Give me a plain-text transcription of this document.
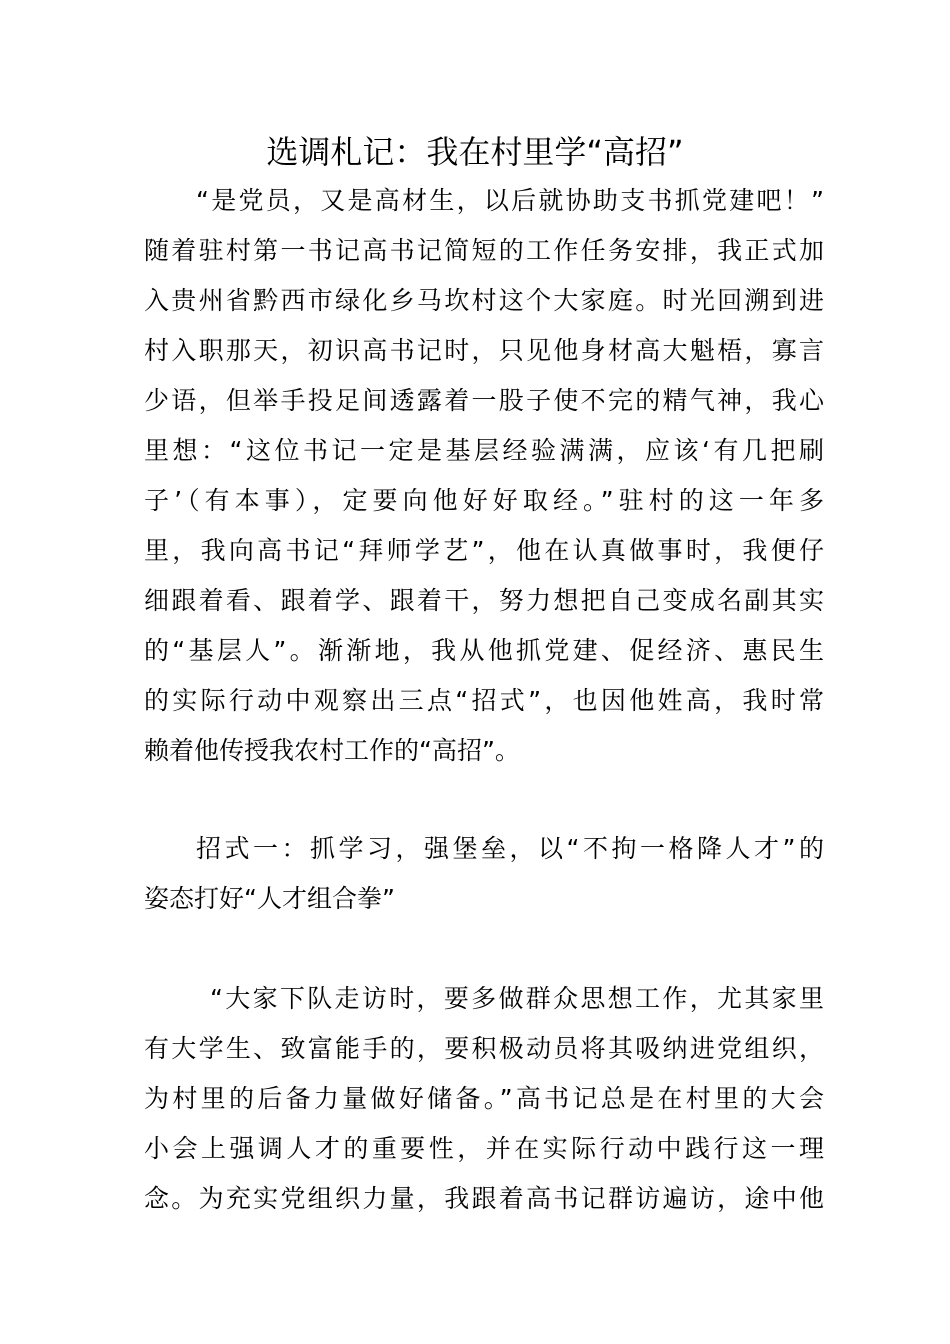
选调札记：我在村里学“高招”
“是党员，又是高材生，以后就协助支书抓党建吧！”
随着驻村第一书记高书记简短的工作任务安排，我正式加
入贵州省黔西市绿化乡马坎村这个大家庭。时光回溯到进
村入职那天，初识高书记时，只见他身材高大魁梧，寡言
少语，但举手投足间透露着一股子使不完的精气神，我心
里想：“这位书记一定是基层经验满满，应该‘有几把刷
子’（有本事），定要向他好好取经。”驻村的这一年多
里，我向高书记“拜师学艺”，他在认真做事时，我便仔
细跟着看、跟着学、跟着干，努力想把自己变成名副其实
的“基层人”。渐渐地，我从他抓党建、促经济、惠民生
的实际行动中观察出三点“招式”，也因他姓高，我时常
赖着他传授我农村工作的“高招”。
招式一：抓学习，强堡垒，以“不拘一格降人才”的
姿态打好“人才组合拳”
“大家下队走访时，要多做群众思想工作，尤其家里
有大学生、致富能手的，要积极动员将其吸纳进党组织，
为村里的后备力量做好储备。”高书记总是在村里的大会
小会上强调人才的重要性，并在实际行动中践行这一理
念。为充实党组织力量，我跟着高书记群访遍访，途中他
